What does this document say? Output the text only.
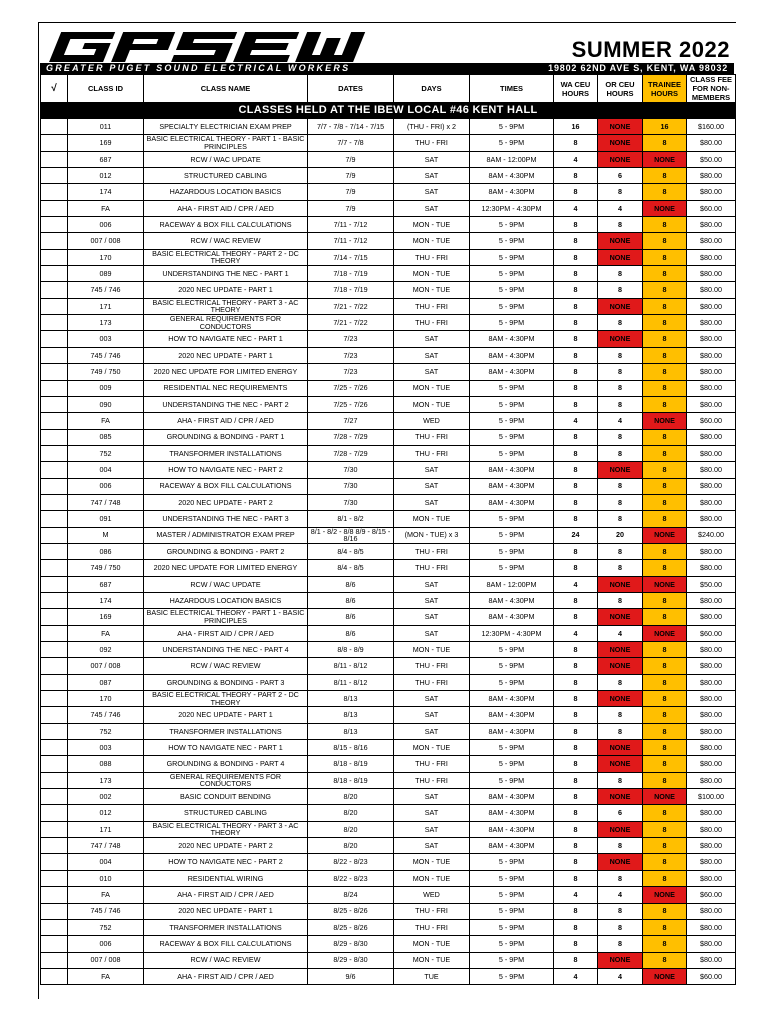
SUMMER 2022
GREATER PUGET SOUND ELECTRICAL WORKERS	19802 62ND AVE S, KENT, WA 98032
√	CLASS ID	CLASS NAME	DATES	DAYS	TIMES	WA CEU HOURS	OR CEU HOURS	TRAINEE HOURS	CLASS FEE FOR NON-MEMBERS
CLASSES HELD AT THE IBEW LOCAL #46 KENT HALL									
	011	SPECIALTY ELECTRICIAN EXAM PREP	7/7 - 7/8 - 7/14 - 7/15	(THU - FRI) x 2	5 - 9PM	16	NONE	16	$160.00
	169	BASIC ELECTRICAL THEORY - PART 1 - BASIC PRINCIPLES	7/7 - 7/8	THU - FRI	5 - 9PM	8	NONE	8	$80.00
	687	RCW / WAC UPDATE	7/9	SAT	8AM - 12:00PM	4	NONE	NONE	$50.00
	012	STRUCTURED CABLING	7/9	SAT	8AM - 4:30PM	8	6	8	$80.00
	174	HAZARDOUS LOCATION BASICS	7/9	SAT	8AM - 4:30PM	8	8	8	$80.00
	FA	AHA - FIRST AID / CPR / AED	7/9	SAT	12:30PM - 4:30PM	4	4	NONE	$60.00
	006	RACEWAY & BOX FILL CALCULATIONS	7/11 - 7/12	MON - TUE	5 - 9PM	8	8	8	$80.00
	007 / 008	RCW / WAC REVIEW	7/11 - 7/12	MON - TUE	5 - 9PM	8	NONE	8	$80.00
	170	BASIC ELECTRICAL THEORY - PART 2 - DC THEORY	7/14 - 7/15	THU - FRI	5 - 9PM	8	NONE	8	$80.00
	089	UNDERSTANDING THE NEC - PART 1	7/18 - 7/19	MON - TUE	5 - 9PM	8	8	8	$80.00
	745 / 746	2020 NEC UPDATE - PART 1	7/18 - 7/19	MON - TUE	5 - 9PM	8	8	8	$80.00
	171	BASIC ELECTRICAL THEORY - PART 3 - AC THEORY	7/21 - 7/22	THU - FRI	5 - 9PM	8	NONE	8	$80.00
	173	GENERAL REQUIREMENTS FOR CONDUCTORS	7/21 - 7/22	THU - FRI	5 - 9PM	8	8	8	$80.00
	003	HOW TO NAVIGATE NEC - PART 1	7/23	SAT	8AM - 4:30PM	8	NONE	8	$80.00
	745 / 746	2020 NEC UPDATE - PART 1	7/23	SAT	8AM - 4:30PM	8	8	8	$80.00
	749 / 750	2020 NEC UPDATE FOR LIMITED ENERGY	7/23	SAT	8AM - 4:30PM	8	8	8	$80.00
	009	RESIDENTIAL NEC REQUIREMENTS	7/25 - 7/26	MON - TUE	5 - 9PM	8	8	8	$80.00
	090	UNDERSTANDING THE NEC - PART 2	7/25 - 7/26	MON - TUE	5 - 9PM	8	8	8	$80.00
	FA	AHA - FIRST AID / CPR / AED	7/27	WED	5 - 9PM	4	4	NONE	$60.00
	085	GROUNDING & BONDING - PART 1	7/28 - 7/29	THU - FRI	5 - 9PM	8	8	8	$80.00
	752	TRANSFORMER INSTALLATIONS	7/28 - 7/29	THU - FRI	5 - 9PM	8	8	8	$80.00
	004	HOW TO NAVIGATE NEC - PART 2	7/30	SAT	8AM - 4:30PM	8	NONE	8	$80.00
	006	RACEWAY & BOX FILL CALCULATIONS	7/30	SAT	8AM - 4:30PM	8	8	8	$80.00
	747 / 748	2020 NEC UPDATE - PART 2	7/30	SAT	8AM - 4:30PM	8	8	8	$80.00
	091	UNDERSTANDING THE NEC - PART 3	8/1 - 8/2	MON - TUE	5 - 9PM	8	8	8	$80.00
	M	MASTER / ADMINISTRATOR EXAM PREP	8/1 - 8/2 - 8/8 8/9 - 8/15 - 8/16	(MON - TUE) x 3	5 - 9PM	24	20	NONE	$240.00
	086	GROUNDING & BONDING - PART 2	8/4 - 8/5	THU - FRI	5 - 9PM	8	8	8	$80.00
	749 / 750	2020 NEC UPDATE FOR LIMITED ENERGY	8/4 - 8/5	THU - FRI	5 - 9PM	8	8	8	$80.00
	687	RCW / WAC UPDATE	8/6	SAT	8AM - 12:00PM	4	NONE	NONE	$50.00
	174	HAZARDOUS LOCATION BASICS	8/6	SAT	8AM - 4:30PM	8	8	8	$80.00
	169	BASIC ELECTRICAL THEORY - PART 1 - BASIC PRINCIPLES	8/6	SAT	8AM - 4:30PM	8	NONE	8	$80.00
	FA	AHA - FIRST AID / CPR / AED	8/6	SAT	12:30PM - 4:30PM	4	4	NONE	$60.00
	092	UNDERSTANDING THE NEC - PART 4	8/8 - 8/9	MON - TUE	5 - 9PM	8	NONE	8	$80.00
	007 / 008	RCW / WAC REVIEW	8/11 - 8/12	THU - FRI	5 - 9PM	8	NONE	8	$80.00
	087	GROUNDING & BONDING - PART 3	8/11 - 8/12	THU - FRI	5 - 9PM	8	8	8	$80.00
	170	BASIC ELECTRICAL THEORY - PART 2 - DC THEORY	8/13	SAT	8AM - 4:30PM	8	NONE	8	$80.00
	745 / 746	2020 NEC UPDATE - PART 1	8/13	SAT	8AM - 4:30PM	8	8	8	$80.00
	752	TRANSFORMER INSTALLATIONS	8/13	SAT	8AM - 4:30PM	8	8	8	$80.00
	003	HOW TO NAVIGATE NEC - PART 1	8/15 - 8/16	MON - TUE	5 - 9PM	8	NONE	8	$80.00
	088	GROUNDING & BONDING - PART 4	8/18 - 8/19	THU - FRI	5 - 9PM	8	NONE	8	$80.00
	173	GENERAL REQUIREMENTS FOR CONDUCTORS	8/18 - 8/19	THU - FRI	5 - 9PM	8	8	8	$80.00
	002	BASIC CONDUIT BENDING	8/20	SAT	8AM - 4:30PM	8	NONE	NONE	$100.00
	012	STRUCTURED CABLING	8/20	SAT	8AM - 4:30PM	8	6	8	$80.00
	171	BASIC ELECTRICAL THEORY - PART 3 - AC THEORY	8/20	SAT	8AM - 4:30PM	8	NONE	8	$80.00
	747 / 748	2020 NEC UPDATE - PART 2	8/20	SAT	8AM - 4:30PM	8	8	8	$80.00
	004	HOW TO NAVIGATE NEC - PART 2	8/22 - 8/23	MON - TUE	5 - 9PM	8	NONE	8	$80.00
	010	RESIDENTIAL WIRING	8/22 - 8/23	MON - TUE	5 - 9PM	8	8	8	$80.00
	FA	AHA - FIRST AID / CPR / AED	8/24	WED	5 - 9PM	4	4	NONE	$60.00
	745 / 746	2020 NEC UPDATE - PART 1	8/25 - 8/26	THU - FRI	5 - 9PM	8	8	8	$80.00
	752	TRANSFORMER INSTALLATIONS	8/25 - 8/26	THU - FRI	5 - 9PM	8	8	8	$80.00
	006	RACEWAY & BOX FILL CALCULATIONS	8/29 - 8/30	MON - TUE	5 - 9PM	8	8	8	$80.00
	007 / 008	RCW / WAC REVIEW	8/29 - 8/30	MON - TUE	5 - 9PM	8	NONE	8	$80.00
	FA	AHA - FIRST AID / CPR / AED	9/6	TUE	5 - 9PM	4	4	NONE	$60.00
